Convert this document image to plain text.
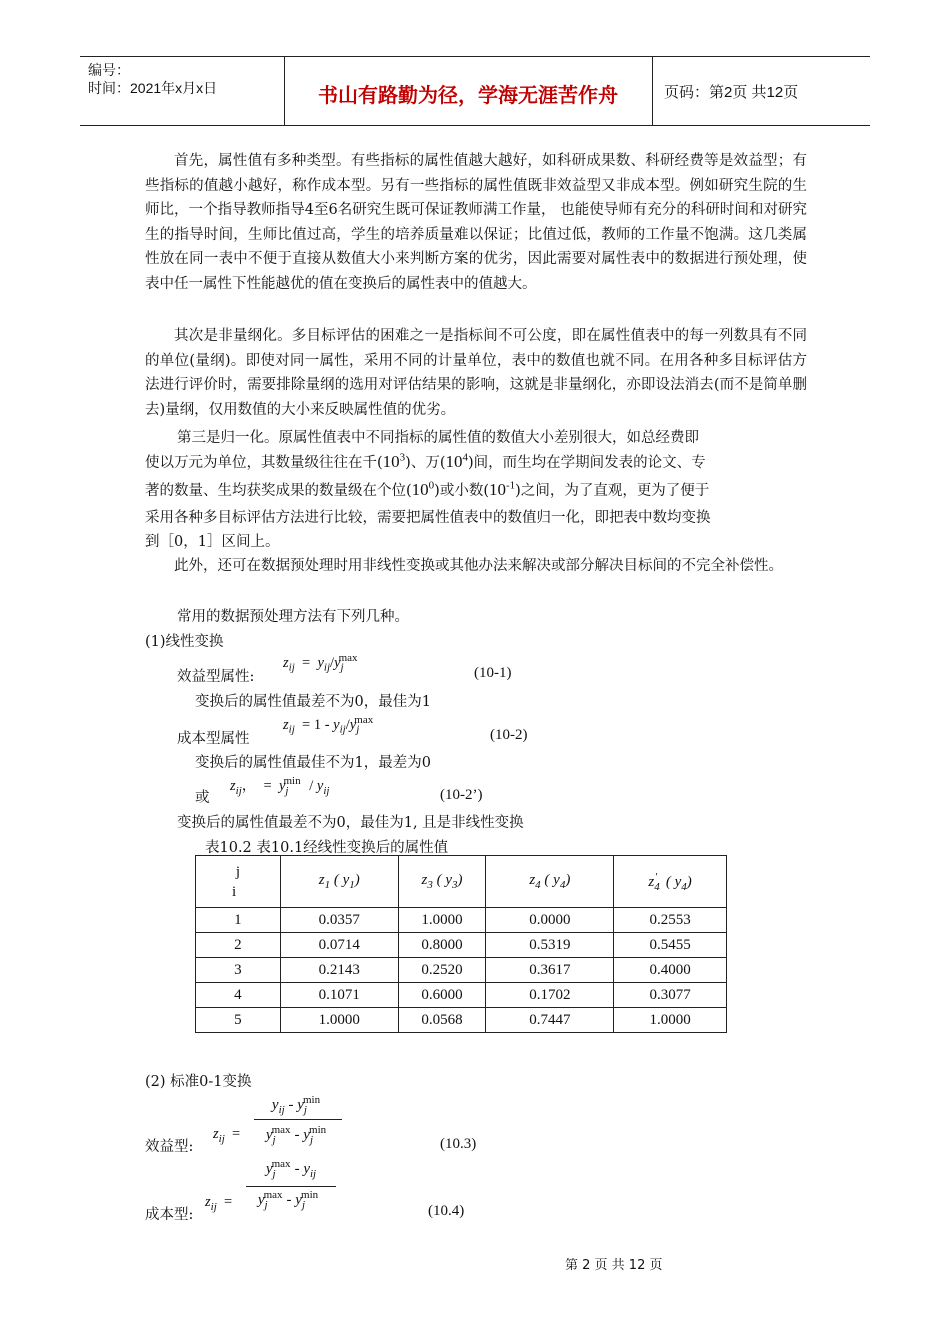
编号：
时间：2021年x月x日	书山有路勤为径，学海无涯苦作舟	页码：第2页 共12页
首先，属性值有多种类型。有些指标的属性值越大越好，如科研成果数、科研经费等是效益型；有些指标的值越小越好，称作成本型。另有一些指标的属性值既非效益型又非成本型。例如研究生院的生师比，一个指导教师指导4至6名研究生既可保证教师满工作量， 也能使导师有充分的科研时间和对研究生的指导时间，生师比值过高，学生的培养质量难以保证；比值过低，教师的工作量不饱满。这几类属性放在同一表中不便于直接从数值大小来判断方案的优劣，因此需要对属性表中的数据进行预处理，使表中任一属性下性能越优的值在变换后的属性表中的值越大。
其次是非量纲化。多目标评估的困难之一是指标间不可公度，即在属性值表中的每一列数具有不同的单位(量纲)。即使对同一属性，采用不同的计量单位，表中的数值也就不同。在用各种多目标评估方法进行评价时，需要排除量纲的选用对评估结果的影响，这就是非量纲化，亦即设法消去(而不是简单删去)量纲，仅用数值的大小来反映属性值的优劣。
第三是归一化。原属性值表中不同指标的属性值的数值大小差别很大，如总经费即
使以万元为单位，其数量级往往在千$(10^3)$、万$(10^4)$间，而生均在学期间发表的论文、专
著的数量、生均获奖成果的数量级在个位$(10^0)$或小数$(10^{-1})$之间，为了直观，更为了便于
采用各种多目标评估方法进行比较，需要把属性值表中的数值归一化，即把表中数均变换
到［0，1］区间上。
此外，还可在数据预处理时用非线性变换或其他办法来解决或部分解决目标间的不完全补偿性。
常用的数据预处理方法有下列几种。
(1)线性变换
效益型属性:
$z_{ij} = y_{ij}/y_j^{max}$
(10-1)
变换后的属性值最差不为0，最佳为1
成本型属性
$z_{ij} = 1 - y_{ij}/y_j^{max}$
(10-2)
变换后的属性值最佳不为1，最差为0
或
$z_{ij}$，  =  $y_j^{min} / y_{ij}$	(10-2’)
变换后的属性值最差不为0，最佳为1, 且是非线性变换
表10.2 表10.1经线性变换后的属性值
j
i	$z_1$ ( $y_1$)	$z_3$ ( $y_3$)	$z_4$ ( $y_4$)	$z_4'$ ( $y_4$)
1	0.0357	1.0000	0.0000	0.2553
2	0.0714	0.8000	0.5319	0.5455
3	0.2143	0.2520	0.3617	0.4000
4	0.1071	0.6000	0.1702	0.3077
5	1.0000	0.0568	0.7447	1.0000
(2) 标准0-1变换
效益型:
$z_{ij}$  =
$y_{ij} - y_j^{min}$
$y_j^{max} - y_j^{min}$
(10.3)
成本型:
$z_{ij}$  =
$y_j^{max} - y_{ij}$
$y_j^{max} - y_j^{min}$
(10.4)
第 2 页 共 12 页
